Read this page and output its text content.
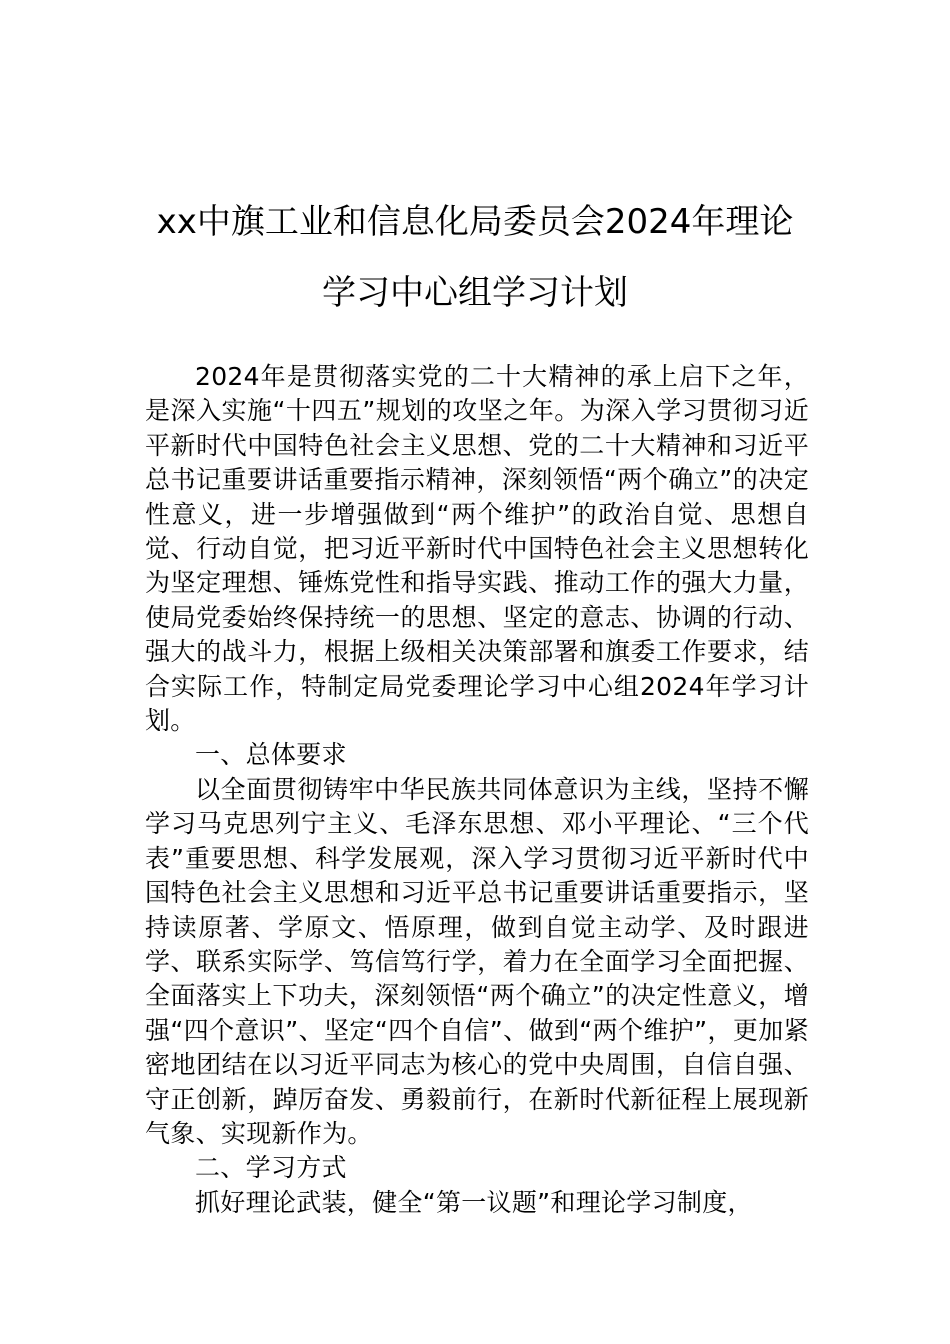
xx中旗工业和信息化局委员会2024年理论
学习中心组学习计划

2024年是贯彻落实党的二十大精神的承上启下之年，是深入实施“十四五”规划的攻坚之年。为深入学习贯彻习近平新时代中国特色社会主义思想、党的二十大精神和习近平总书记重要讲话重要指示精神，深刻领悟“两个确立”的决定性意义，进一步增强做到“两个维护”的政治自觉、思想自觉、行动自觉，把习近平新时代中国特色社会主义思想转化为坚定理想、锤炼党性和指导实践、推动工作的强大力量，使局党委始终保持统一的思想、坚定的意志、协调的行动、强大的战斗力，根据上级相关决策部署和旗委工作要求，结合实际工作，特制定局党委理论学习中心组2024年学习计划。

一、总体要求

以全面贯彻铸牢中华民族共同体意识为主线，坚持不懈学习马克思列宁主义、毛泽东思想、邓小平理论、“三个代表”重要思想、科学发展观，深入学习贯彻习近平新时代中国特色社会主义思想和习近平总书记重要讲话重要指示，坚持读原著、学原文、悟原理，做到自觉主动学、及时跟进学、联系实际学、笃信笃行学，着力在全面学习全面把握、全面落实上下功夫，深刻领悟“两个确立”的决定性意义，增强“四个意识”、坚定“四个自信”、做到“两个维护”，更加紧密地团结在以习近平同志为核心的党中央周围，自信自强、守正创新，踔厉奋发、勇毅前行，在新时代新征程上展现新气象、实现新作为。

二、学习方式

抓好理论武装，健全“第一议题”和理论学习制度，
